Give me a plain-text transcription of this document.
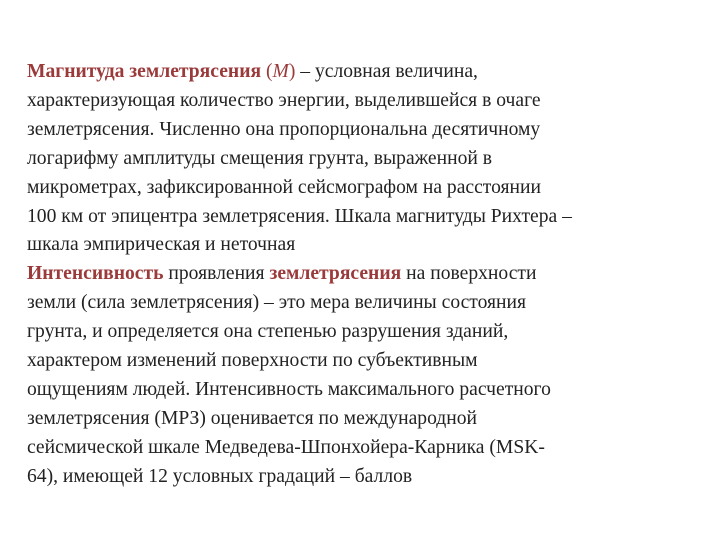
Магнитуда землетрясения (М) – условная величина,
характеризующая количество энергии, выделившейся в очаге
землетрясения. Численно она пропорциональна десятичному
логарифму амплитуды смещения грунта, выраженной в
микрометрах, зафиксированной сейсмографом на расстоянии
100 км от эпицентра землетрясения. Шкала магнитуды Рихтера –
шкала эмпирическая и неточная
Интенсивность проявления землетрясения на поверхности
земли (сила землетрясения) – это мера величины состояния
грунта, и определяется она степенью разрушения зданий,
характером изменений поверхности по субъективным
ощущениям людей. Интенсивность максимального расчетного
землетрясения (МРЗ) оценивается по международной
сейсмической шкале Медведева-Шпонхойера-Карника (MSK-
64), имеющей 12 условных градаций – баллов
